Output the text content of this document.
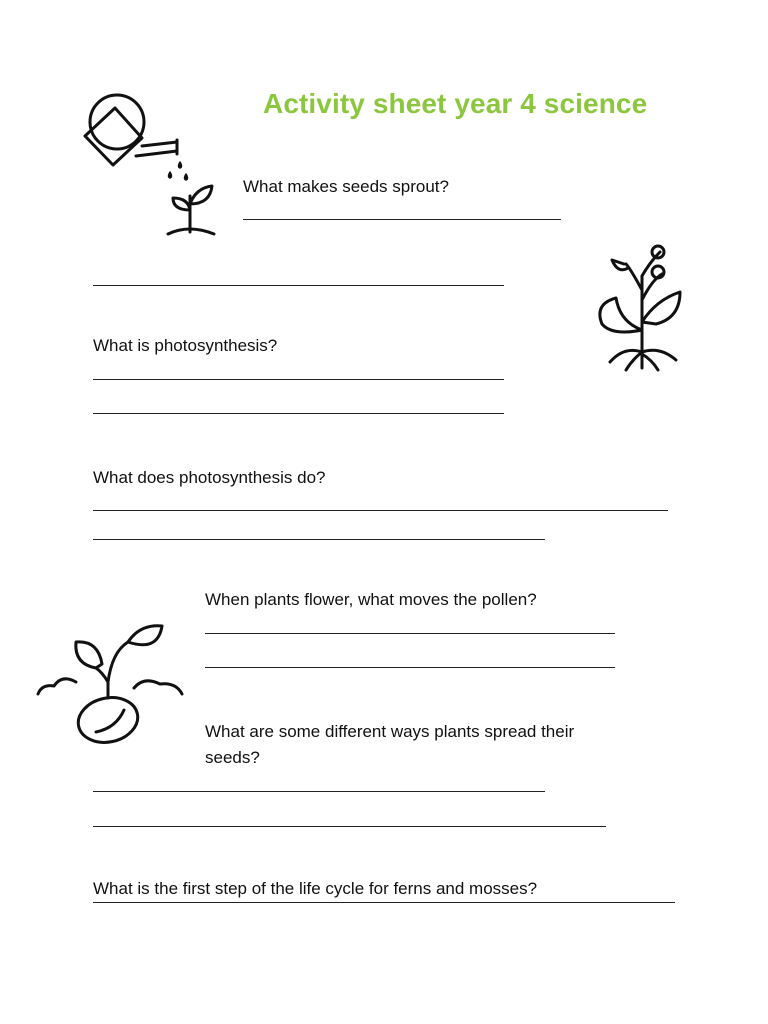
Activity sheet year 4 science
What makes seeds sprout?
What is photosynthesis?
What does photosynthesis do?
When plants flower, what moves the pollen?
What are some different ways plants spread their
seeds?
What is the first step of the life cycle for ferns and mosses?
